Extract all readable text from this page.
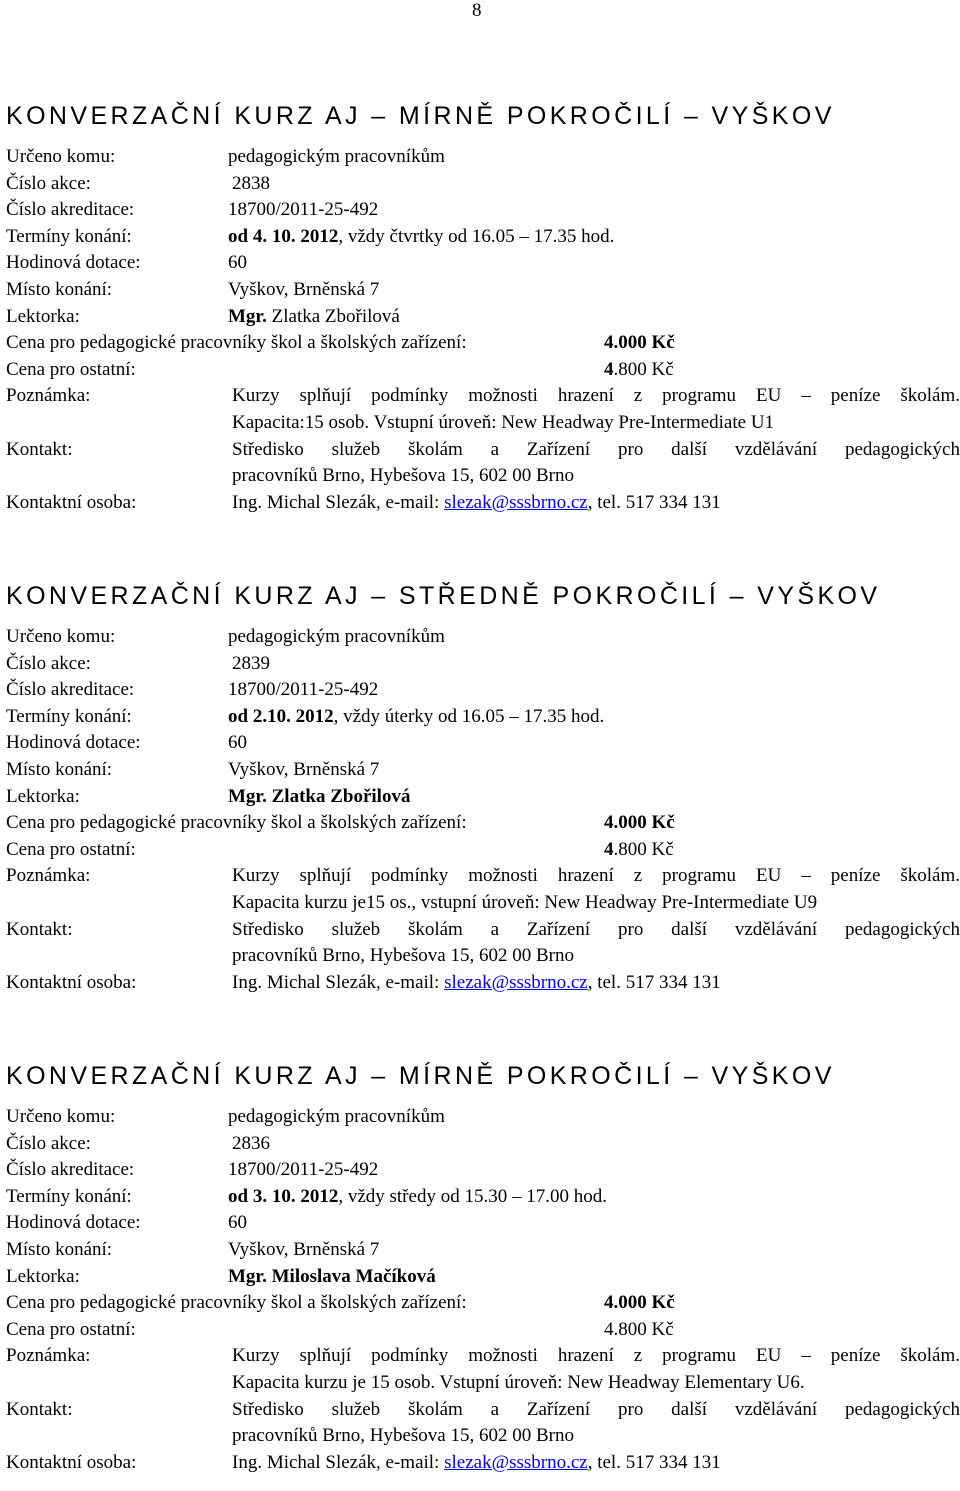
8
KONVERZAČNÍ KURZ AJ – MÍRNĚ POKROČILÍ – VYŠKOV
Určeno komu:	pedagogickým pracovníkům
Číslo akce:	2838
Číslo akreditace:	18700/2011-25-492
Termíny konání:	od 4. 10. 2012, vždy čtvrtky od 16.05 – 17.35 hod.
Hodinová dotace:	60
Místo konání:	Vyškov, Brněnská 7
Lektorka:	Mgr. Zlatka Zbořilová
Cena pro pedagogické pracovníky škol a školských zařízení:	4.000 Kč
Cena pro ostatní:	4.800 Kč
Poznámka:	Kurzy splňují podmínky možnosti hrazení z programu EU – peníze školám.
Kapacita:15 osob. Vstupní úroveň: New Headway Pre-Intermediate U1
Kontakt:	Středisko služeb školám a Zařízení pro další vzdělávání pedagogických
pracovníků Brno, Hybešova 15, 602 00 Brno
Kontaktní osoba:	Ing. Michal Slezák, e-mail: slezak@sssbrno.cz, tel. 517 334 131
KONVERZAČNÍ KURZ AJ – STŘEDNĚ POKROČILÍ – VYŠKOV
Určeno komu:	pedagogickým pracovníkům
Číslo akce:	2839
Číslo akreditace:	18700/2011-25-492
Termíny konání:	od 2.10. 2012, vždy úterky od 16.05 – 17.35 hod.
Hodinová dotace:	60
Místo konání:	Vyškov, Brněnská 7
Lektorka:	Mgr. Zlatka Zbořilová
Cena pro pedagogické pracovníky škol a školských zařízení:	4.000 Kč
Cena pro ostatní:	4.800 Kč
Poznámka:	Kurzy splňují podmínky možnosti hrazení z programu EU – peníze školám.
Kapacita kurzu je15 os., vstupní úroveň: New Headway Pre-Intermediate U9
Kontakt:	Středisko služeb školám a Zařízení pro další vzdělávání pedagogických
pracovníků Brno, Hybešova 15, 602 00 Brno
Kontaktní osoba:	Ing. Michal Slezák, e-mail: slezak@sssbrno.cz, tel. 517 334 131
KONVERZAČNÍ KURZ AJ – MÍRNĚ POKROČILÍ – VYŠKOV
Určeno komu:	pedagogickým pracovníkům
Číslo akce:	2836
Číslo akreditace:	18700/2011-25-492
Termíny konání:	od 3. 10. 2012, vždy středy od 15.30 – 17.00 hod.
Hodinová dotace:	60
Místo konání:	Vyškov, Brněnská 7
Lektorka:	Mgr. Miloslava Mačíková
Cena pro pedagogické pracovníky škol a školských zařízení:	4.000 Kč
Cena pro ostatní:	4.800 Kč
Poznámka:	Kurzy splňují podmínky možnosti hrazení z programu EU – peníze školám.
Kapacita kurzu je 15 osob. Vstupní úroveň: New Headway Elementary U6.
Kontakt:	Středisko služeb školám a Zařízení pro další vzdělávání pedagogických
pracovníků Brno, Hybešova 15, 602 00 Brno
Kontaktní osoba:	Ing. Michal Slezák, e-mail: slezak@sssbrno.cz, tel. 517 334 131
